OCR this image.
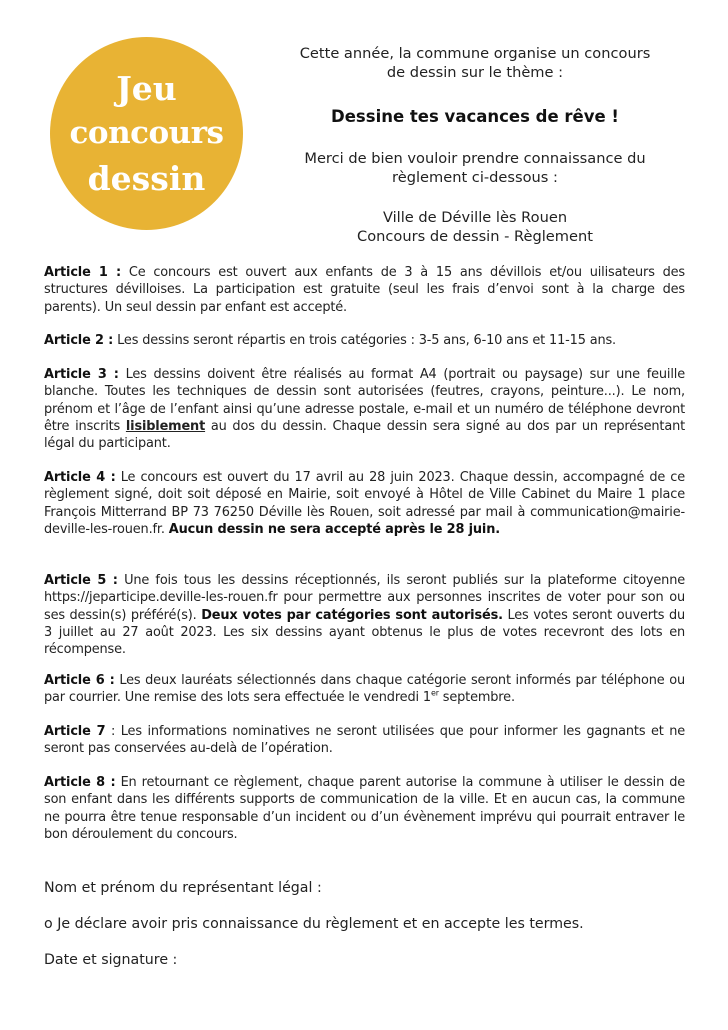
Jeu
concours
dessin

Cette année, la commune organise un concours

de dessin sur le thème :

Dessine tes vacances de rêve !

Merci de bien vouloir prendre connaissance du

règlement ci-dessous :

Ville de Déville lès Rouen

Concours de dessin - Règlement

Article 1 : Ce concours est ouvert aux enfants de 3 à 15 ans dévillois et/ou uilisateurs des structures dévilloises. La participation est gratuite (seul les frais d’envoi sont à la charge des parents). Un seul dessin par enfant est accepté.

Article 2 : Les dessins seront répartis en trois catégories : 3-5 ans, 6-10 ans et 11-15 ans.

Article 3 : Les dessins doivent être réalisés au format A4 (portrait ou paysage) sur une feuille blanche. Toutes les techniques de dessin sont autorisées (feutres, crayons, peinture...). Le nom, prénom et l’âge de l’enfant ainsi qu’une adresse postale, e-mail et un numéro de téléphone devront être inscrits lisiblement au dos du dessin. Chaque dessin sera signé au dos par un représentant légal du participant.

Article 4 : Le concours est ouvert du 17 avril au 28 juin 2023. Chaque dessin, accompagné de ce règlement signé, doit soit déposé en Mairie, soit envoyé à Hôtel de Ville Cabinet du Maire 1 place François Mitterrand BP 73 76250 Déville lès Rouen, soit adressé par mail à communication@mairie-deville-les-rouen.fr. Aucun dessin ne sera accepté après le 28 juin.

Article 5 : Une fois tous les dessins réceptionnés, ils seront publiés sur la plateforme citoyenne https://jeparticipe.deville-les-rouen.fr pour permettre aux personnes inscrites de voter pour son ou ses dessin(s) préféré(s). Deux votes par catégories sont autorisés. Les votes seront ouverts du 3 juillet au 27 août 2023. Les six dessins ayant obtenus le plus de votes recevront des lots en récompense.

Article 6 : Les deux lauréats sélectionnés dans chaque catégorie seront informés par téléphone ou par courrier. Une remise des lots sera effectuée le vendredi 1er septembre.

Article 7 : Les informations nominatives ne seront utilisées que pour informer les gagnants et ne seront pas conservées au-delà de l’opération.

Article 8 : En retournant ce règlement, chaque parent autorise la commune à utiliser le dessin de son enfant dans les différents supports de communication de la ville. Et en aucun cas, la commune ne pourra être tenue responsable d’un incident ou d’un évènement imprévu qui pourrait entraver le bon déroulement du concours.

Nom et prénom du représentant légal :
o Je déclare avoir pris connaissance du règlement et en accepte les termes.
Date et signature :
